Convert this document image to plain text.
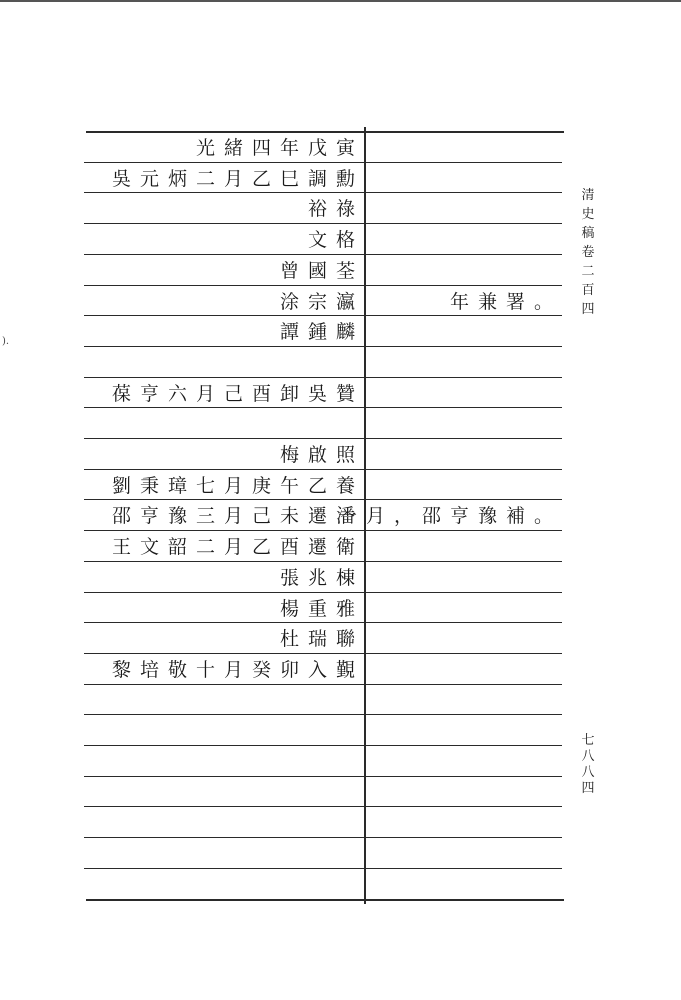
光緒四年戊寅
吳元炳二月乙巳調勳
裕祿
文格
曾國荃
涂宗瀛
譚鍾麟
葆亨六月己酉卸吳贊
梅啟照
劉秉璋七月庚午乙養
邵亨豫三月己未遷潘
王文韶二月乙酉遷衛
張兆棟
楊重雅
杜瑞聯
黎培敬十月癸卯入覲
年兼署。
一月，邵亨豫補。
清史稿卷二百四
七八八四
).
